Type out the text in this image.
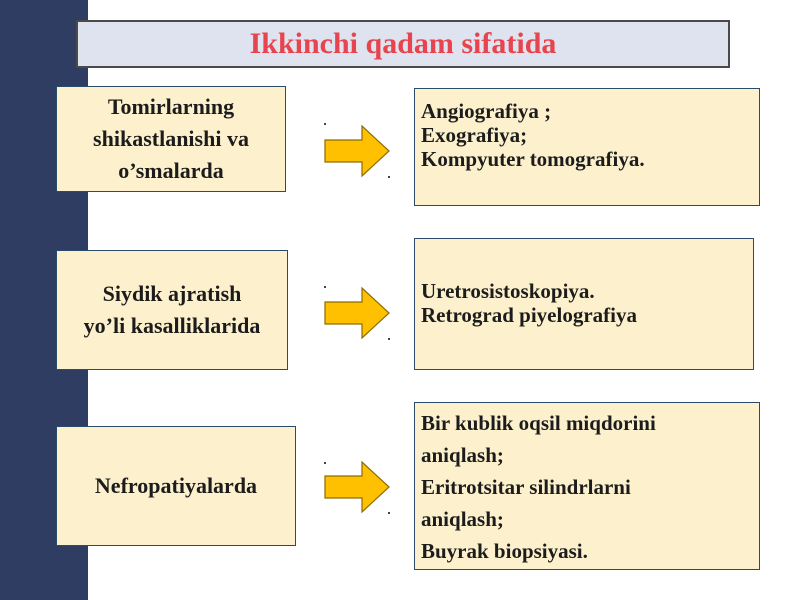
Ikkinchi qadam sifatida
Tomirlarning
shikastlanishi va
o’smalarda
Angiografiya ;
Exografiya;
Kompyuter tomografiya.
Siydik ajratish
yo’li kasalliklarida
Uretrosistoskopiya.
Retrograd piyelografiya
Nefropatiyalarda
Bir kublik oqsil miqdorini
aniqlash;
Eritrotsitar silindrlarni
aniqlash;
Buyrak biopsiyasi.
